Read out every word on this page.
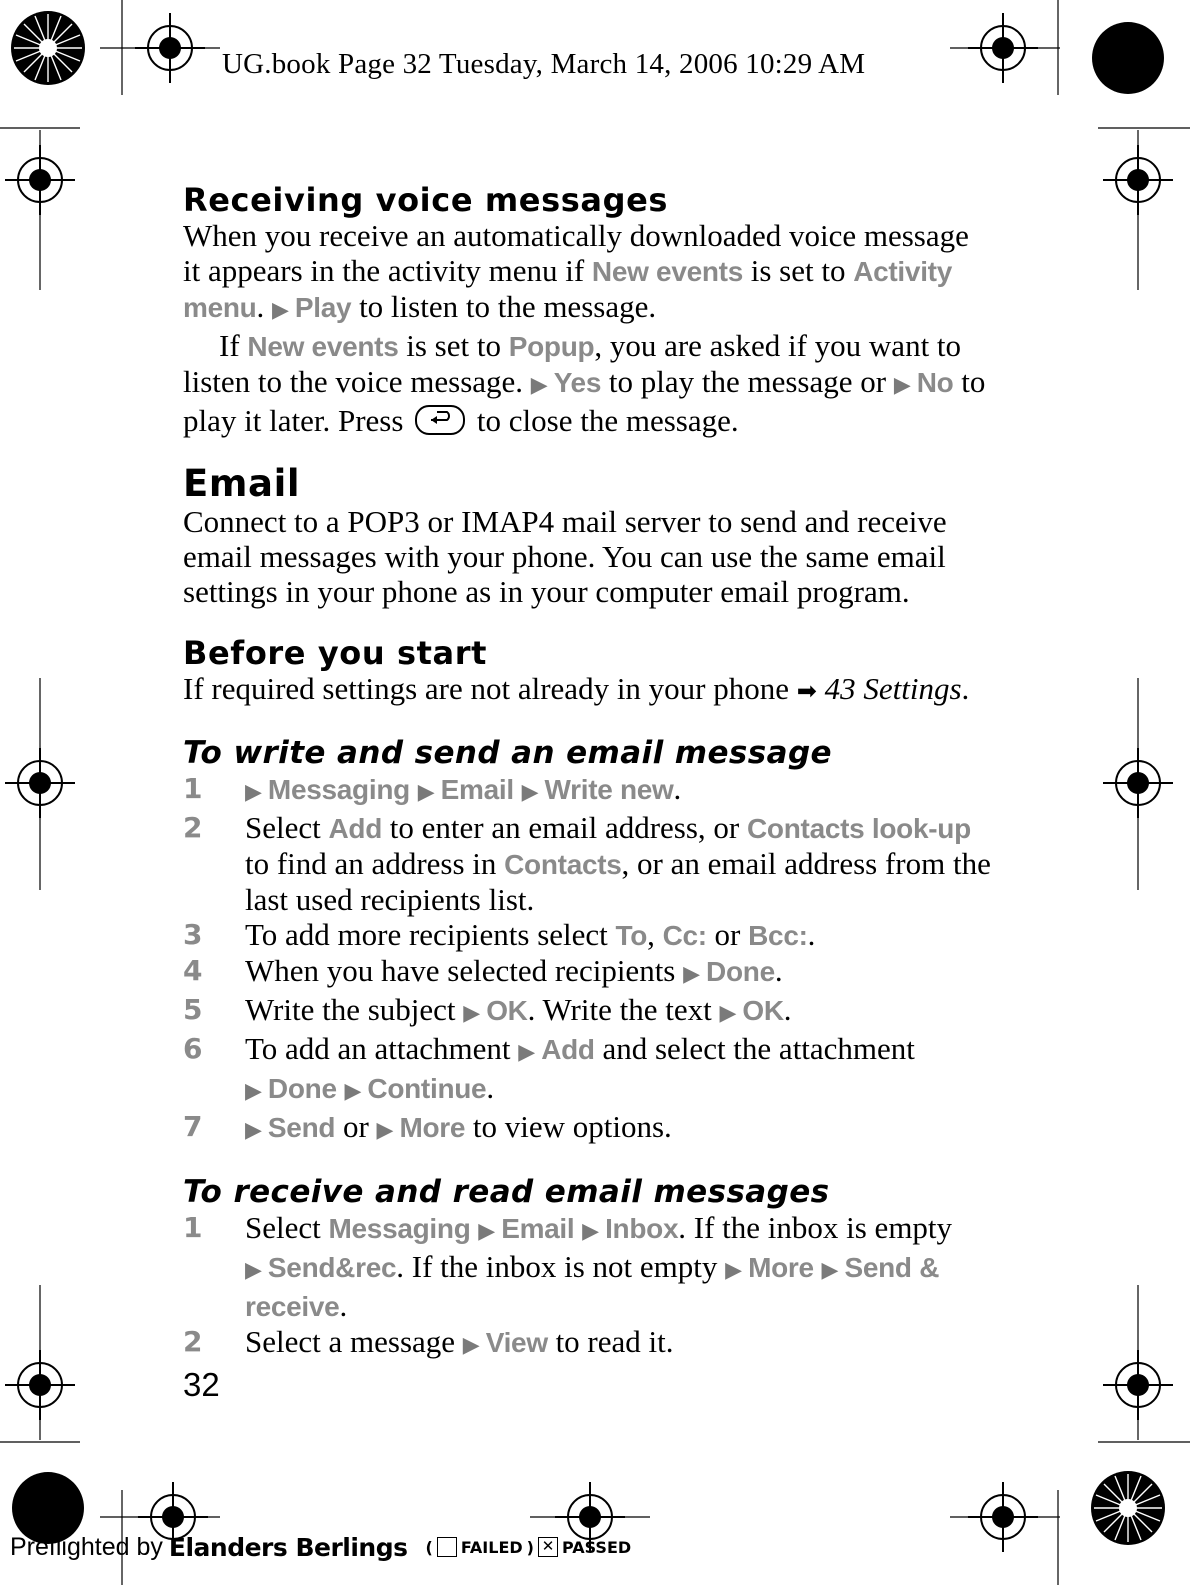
UG.book Page 32 Tuesday, March 14, 2006 10:29 AM
Receiving voice messages

When you receive an automatically downloaded voice message it appears in the activity menu if New events is set to Activity menu. ▶ Play to listen to the message.

If New events is set to Popup, you are asked if you want to listen to the voice message. ▶ Yes to play the message or ▶ No to play it later. Press
to close the message.

Email

Connect to a POP3 or IMAP4 mail server to send and receive email messages with your phone. You can use the same email settings in your phone as in your computer email program.

Before you start

If required settings are not already in your phone ➡ 43 Settings.

To write and send an email message
1 ▶ Messaging ▶ Email ▶ Write new.
2 Select Add to enter an email address, or Contacts look-up to find an address in Contacts, or an email address from the last used recipients list.
3 To add more recipients select To, Cc: or Bcc:.
4 When you have selected recipients ▶ Done.
5 Write the subject ▶ OK. Write the text ▶ OK.
6 To add an attachment ▶ Add and select the attachment ▶ Done ▶ Continue.
7 ▶ Send or ▶ More to view options.
To receive and read email messages
1 Select Messaging ▶ Email ▶ Inbox. If the inbox is empty ▶ Send&rec. If the inbox is not empty ▶ More ▶ Send & receive.
2 Select a message ▶ View to read it.
32
Preflighted by Elanders Berlings ( FAILED ) ✕ PASSED
